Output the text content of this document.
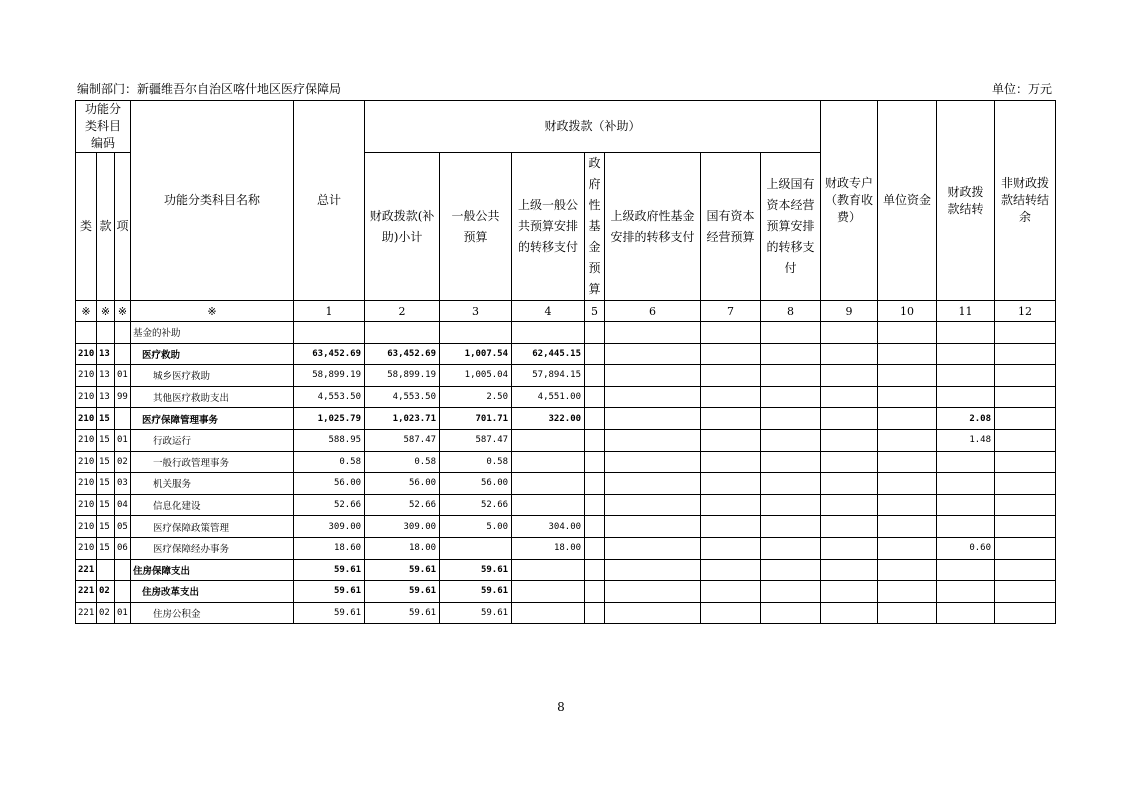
编制部门：新疆维吾尔自治区喀什地区医疗保障局	单位：万元
功能分类科目编码			功能分类科目名称	总计	财政拨款（补助）							财政专户（教育收费）	单位资金	财政拨款结转	非财政拨款结转结余
类	款	项			财政拨款(补助)小计	一般公共预算	上级一般公共预算安排的转移支付	政府性基金预算	上级政府性基金安排的转移支付	国有资本经营预算	上级国有资本经营预算安排的转移支付				
※	※	※	※	1	2	3	4	5	6	7	8	9	10	11	12
			基金的补助												
210	13		医疗救助	63,452.69	63,452.69	1,007.54	62,445.15								
210	13	01	城乡医疗救助	58,899.19	58,899.19	1,005.04	57,894.15								
210	13	99	其他医疗救助支出	4,553.50	4,553.50	2.50	4,551.00								
210	15		医疗保障管理事务	1,025.79	1,023.71	701.71	322.00							2.08	
210	15	01	行政运行	588.95	587.47	587.47								1.48	
210	15	02	一般行政管理事务	0.58	0.58	0.58									
210	15	03	机关服务	56.00	56.00	56.00									
210	15	04	信息化建设	52.66	52.66	52.66									
210	15	05	医疗保障政策管理	309.00	309.00	5.00	304.00								
210	15	06	医疗保障经办事务	18.60	18.00		18.00							0.60	
221			住房保障支出	59.61	59.61	59.61									
221	02		住房改革支出	59.61	59.61	59.61									
221	02	01	住房公积金	59.61	59.61	59.61									
8
